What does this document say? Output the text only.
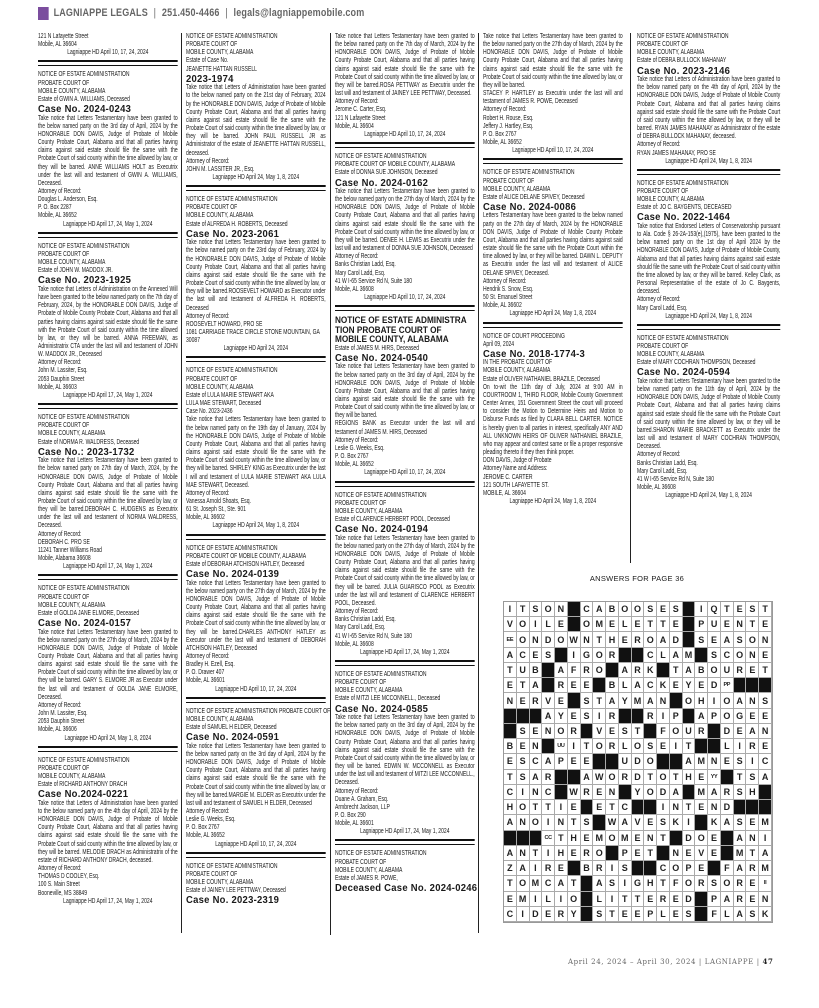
LAGNIAPPE LEGALS | 251.450-4466 | legals@lagniappemobile.com
121 N Lafayette Street
Mobile, AL 36604
Lagniappe HD April 10, 17, 24, 2024
NOTICE OF ESTATE ADMINISTRATION
PROBATE COURT OF
MOBILE COUNTY, ALABAMA
Estate of GWIN A. WILLIAMS, Deceased
Case No. 2024-0243
Take notice that Letters Testamentary have been granted to the below named party on the 3rd day of April, 2024 by the HONORABLE DON DAVIS, Judge of Probate of Mobile County Probate Court, Alabama and that all parties having claims against said estate should file the same with the Probate Court of said county within the time allowed by law, or they will be barred. ANNE WILLIAMS HOLT as Executrix under the last will and testament of GWIN A. WILLIAMS, Deceased.
Attorney of Record:
Douglas L. Anderson, Esq.
P. O. Box 2287
Mobile, AL 36652
Lagniappe HD April 17, 24, May 1, 2024
NOTICE OF ESTATE ADMINISTRATION
PROBATE COURT OF
MOBILE COUNTY, ALABAMA
Estate of JOHN W. MADDOX JR.
Case No. 2023-1925
Take notice that Letters of Administration on the Annexed Will have been granted to the below named party on the 7th day of February, 2024, by the HONORABLE DON DAVIS, Judge of Probate of Mobile County Probate Court, Alabama and that all parties having claims against said estate should file the same with the Probate Court of said county within the time allowed by law, or they will be barred. ANNA FREEMAN, as Administratrix CTA under the last will and testament of JOHN W. MADDOX JR., Deceased
Attorney of Record:
John M. Lassiter, Esq.
2053 Dauphin Street
Mobile, AL 36603
Lagniappe HD April 17, 24, May 1, 2024
NOTICE OF ESTATE ADMINISTRATION
PROBATE COURT OF
MOBILE COUNTY, ALABAMA
Estate of NORMA R. WALDRESS, Deceased
Case No.: 2023-1732
Take notice that Letters Testamentary have been granted to the below named party on 27th day of March, 2024, by the HONORABLE DON DAVIS, Judge of Probate of Mobile County Probate Court, Alabama and that all parties having claims against said estate should file the same with the Probate Court of said county within the time allowed by law, or they will be barred.DEBORAH C. HUDGENS as Executrix under the last will and testament of NORMA WALDRESS, Deceased.
Attorney of Record:
DEBORAH C. PRO SE
11241 Tanner Williams Road
Mobile, Alabama 36608
Lagniappe HD April 17, 24, May 1, 2024
NOTICE OF ESTATE ADMINISTRATION
PROBATE COURT OF
MOBILE COUNTY, ALABAMA
Estate of GOLDA JANE ELMORE, Deceased
Case No. 2024-0157
Take notice that Letters Testamentary have been granted to the below named party on the 27th day of March, 2024 by the HONORABLE DON DAVIS, Judge of Probate of Mobile County Probate Court, Alabama and that all parties having claims against said estate should file the same with the Probate Court of said county within the time allowed by law, or they will be barred. GARY S. ELMORE JR as Executor under the last will and testament of GOLDA JANE ELMORE, Deceased.
Attorney of Record:
John M. Lassiter, Esq.
2053 Dauphin Street
Mobile, AL 36606
Lagniappe HD April 24, May 1, 8, 2024
NOTICE OF ESTATE ADMINISTRATION
PROBATE COURT OF
MOBILE COUNTY, ALABAMA
Estate of RICHARD ANTHONY DRACH
Case No.2024-0221
Take notice that Letters of Administration have been granted to the below named party on the 4th day of April, 2024 by the HONORABLE DON DAVIS, Judge of Probate of Mobile County Probate Court, Alabama and that all parties having claims against said estate should file the same with the Probate Court of said county within the time allowed by law, or they will be barred. MELODIE DRACH as Administratrix of the estate of RICHARD ANTHONY DRACH, deceased.
Attorney of Record:
THOMAS D COOLEY, Esq.
100 S. Main Street
Booneville, MS 38849
Lagniappe HD April 17, 24, May 1, 2024
NOTICE OF ESTATE ADMINISTRATION
PROBATE COURT OF
MOBILE COUNTY, ALABAMA
Estate of Case No.
JEANETTE HATTAN RUSSELL
2023-1974
Take notice that Letters of Administration have been granted to the below named party on the 21st day of February, 2024 by the HONORABLE DON DAVIS, Judge of Probate of Mobile County Probate Court, Alabama and that all parties having claims against said estate should file the same with the Probate Court of said county within the time allowed by law, or they will be barred. JOHN PAUL RUSSELL JR as Administrator of the estate of JEANETTE HATTAN RUSSELL, deceased.
Attorney of Record:
JOHN M. LASSITER JR., Esq.
Lagniappe HD April 24, May 1, 8, 2024
NOTICE OF ESTATE ADMINISTRATION
PROBATE COURT OF
MOBILE COUNTY, ALABAMA
Estate of ALFREDA H. ROBERTS, Deceased
Case No. 2023-2061
Take notice that Letters Testamentary have been granted to the below named party on the 23rd day of February, 2024 by the HONORABLE DON DAVIS, Judge of Probate of Mobile County Probate Court, Alabama and that all parties having claims against said estate should file the same with the Probate Court of said county within the time allowed by law, or they will be barred.ROOSEVELT HOWARD as Executor under the last will and testament of ALFREDA H. ROBERTS, Deceased
Attorney of Record:
ROOSEVELT HOWARD, PRO SE
1081 CARRIAGE TRACE CIRCLE STONE MOUNTAIN, GA
30087
Lagniappe HD April 24, 2024
NOTICE OF ESTATE ADMINISTRATION
PROBATE COURT OF
MOBILE COUNTY, ALABAMA
Estate of LULA MARIE STEWART AKA
LULA MAE STEWART, Deceased
Case No. 2023-2436
Take notice that Letters Testamentary have been granted to the below named party on the 19th day of January, 2024 by the HONORABLE DON DAVIS, Judge of Probate of Mobile County Probate Court, Alabama and that all parties having claims against said estate should file the same with the Probate Court of said county within the time allowed by law, or they will be barred. SHIRLEY KING as Executrix under the last I will and testament of LULA MARIE STEWART AKA LULA MAE STEWART, Deceased.
Attorney of Record:
Vanessa Arnold Shoats, Esq.
61 St. Joseph St., Ste. 901
Mobile, AL 36602
Lagniappe HD April 24, May 1, 8, 2024
NOTICE OF ESTATE ADMINISTRATION
PROBATE COURT OF MOBILE COUNTY, ALABAMA
Estate of DEBORAH ATCHISON HATLEY, Deceased
Case No. 2024-0139
Take notice that Letters Testamentary have been granted to the below named party on the 27th day of March, 2024 by the HONORABLE DON DAVIS, Judge of Probate of Mobile County Probate Court, Alabama and that all parties having claims against said estate should file the same with the Probate Court of said county within the time allowed by law, or they will be barred.CHARLES ANTHONY HATLEY as Executor under the last will and testament of DEBORAH ATCHISON HATLEY, Deceased
Attorney of Record:
Bradley H. Ezell, Esq.
P. O. Drawer 407
Mobile, AL 36601
Lagniappe HD April 10, 17, 24, 2024
NOTICE OF ESTATE ADMINISTRATION PROBATE COURT OF
MOBILE COUNTY, ALABAMA
Estate of SAMUEL H ELDER, Deceased
Case No. 2024-0591
Take notice that Letters Testamentary have been granted to the below named party on the 3rd day of April, 2024 by the HONORABLE DON DAVIS, Judge of Probate of Mobile County Probate Court, Alabama and that all parties having claims against said estate should file the same with the Probate Court of said county within the time allowed by law, or they will be barred.MARGIE M. ELDER as Executrix under the last will and testament of SAMUEL H ELDER, Deceased
Attorney of Record:
Leslie G. Weeks, Esq.
P. O. Box 2767
Mobile, AL 36652
Lagniappe HD April 10, 17, 24, 2024
NOTICE OF ESTATE ADMINISTRATION
PROBATE COURT OF
MOBILE COUNTY, ALABAMA
Estate of JAINEY LEE PETTWAY, Deceased
Case No. 2023-2319
Take notice that Letters Testamentary have been granted to the below named party on the 7th day of March, 2024 by the HONORABLE DON DAVIS, Judge of Probate of Mobile County Probate Court, Alabama and that all parties having claims against said estate should file the same with the Probate Court of said county within the time allowed by law, or they will be barred.ROSA PETTWAY as Executrix under the last will and testament of JAINEY LEE PETTWAY, Deceased.
Attorney of Record:
Jerome C. Carter, Esq.
121 N Lafayette Street
Mobile, AL 36604
Lagniappe HD April 10, 17, 24, 2024
NOTICE OF ESTATE ADMINISTRATION
PROBATE COURT OF MOBILE COUNTY, ALABAMA
Estate of DONNA SUE JOHNSON, Deceased
Case No. 2024-0162
Take notice that Letters Testamentary have been granted to the below named party on the 27th day of March, 2024 by the HONORABLE DON DAVIS, Judge of Probate of Mobile County Probate Court, Alabama and that all parties having claims against said estate should file the same with the Probate Court of said county within the time allowed by law, or they will be barred. DENEE H. LEWIS as Executrix under the last will and testament of DONNA SUE JOHNSON, Deceased
Attorney of Record:
Banks Christian Ladd, Esq.
Mary Carol Ladd, Esq.
41 W I-65 Service Rd N, Suite 180
Mobile, AL 36608
Lagniappe HD April 10, 17, 24, 2024
NOTICE OF ESTATE ADMINISTRA TION PROBATE COURT OF MOBILE COUNTY, ALABAMA
Estate of JAMES M. HIRS, Deceased
Case No. 2024-0540
Take notice that Letters Testamentary have been granted to the below named party on the 3rd day of April, 2024 by the HONORABLE DON DAVIS, Judge of Probate of Mobile County Probate Court, Alabama and that all parties having claims against said estate should file the same with the Probate Court of said county within the time allowed by law, or they will be barred.
REGIONS BANK as Executor under the last will and testament of JAMES M. HIRS, Deceased
Attorney of Record:
Leslie G. Weeks, Esq.
P. O. Box 2767
Mobile, AL 36652
Lagniappe HD April 10, 17, 24, 2024
NOTICE OF ESTATE ADMINISTRATION
PROBATE COURT OF
MOBILE COUNTY, ALABAMA
Estate of CLARENCE HERBERT POOL, Deceased
Case No. 2024-0194
Take notice that Letters Testamentary have been granted to the below named party on the 27th day of March, 2024 by the HONORABLE DON DAVIS, Judge of Probate of Mobile County Probate Court, Alabama and that all parties having claims against said estate should file the same with the Probate Court of said county within the time allowed by law, or they will be barred. JULIA GUARISCO POOL as Executrix under the last will and testament of CLARENCE HERBERT POOL, Deceased.
Attorney of Record:
Banks Christian Ladd, Esq.
Mary Carol Ladd, Esq.
41 W I-65 Service Rd N, Suite 180
Mobile, AL 36608
Lagniappe HD April 17, 24, May 1, 2024
NOTICE OF ESTATE ADMINISTRATION
PROBATE COURT OF
MOBILE COUNTY, ALABAMA
Estate of MITZI LEE MCCONNELL., Deceased
Case No. 2024-0585
Take notice that Letters Testamentary have been granted to the below named party on the 3rd day of April, 2024 by the HONORABLE DON DAVIS, Judge of Probate of Mobile County Probate Court, Alabama and that all parties having claims against said estate should file the same with the Probate Court of said county within the time allowed by law, or they will be barred. EDWIN W. MCCONNELL as Executor under the last will and testament of MITZI LEE MCCONNELL., Deceased.
Attorney of Record:
Duane A. Graham, Esq.
Armbrecht Jackson, LLP
P. O. Box 290
Mobile, AL 36601
Lagniappe HD April 17, 24, May 1, 2024
NOTICE OF ESTATE ADMINISTRATION
PROBATE COURT OF
MOBILE COUNTY, ALABAMA
Estate of JAMES R. POWE,
Deceased Case No. 2024-0246
Take notice that Letters Testamentary have been granted to the below named party on the 27th day of March, 2024 by the HONORABLE DON DAVIS, Judge of Probate of Mobile County Probate Court, Alabama and that all parties having claims against said estate should file the same with the Probate Court of said county within the time allowed by law, or they will be barred.
STACEY P. HARTLEY as Executrix under the last will and testament of JAMES R. POWE, Deceased
Attorney of Record:
Robert H. Rouse, Esq.
Jeffery J. Hartley, Esq.
P. O. Box 2767
Mobile, AL 36652
Lagniappe HD April 10, 17, 24, 2024
NOTICE OF ESTATE ADMINISTRATION
PROBATE COURT OF
MOBILE COUNTY, ALABAMA
Estate of ALICE DELANE SPIVEY, Deceased
Case No. 2024-0086
Letters Testamentary have been granted to the below named party on the 27th day of March, 2024 by the HONORABLE DON DAVIS, Judge of Probate of Mobile County Probate Court, Alabama and that all parties having claims against said estate should file the same with the Probate Court within the time allowed by law, or they will be barred. DAWN L. DEPUTY as Executrix under the last will and testament of ALICE DELANE SPIVEY, Deceased.
Attorney of Record:
Hendrik S. Snow, Esq.
50 St. Emanuel Street
Mobile, AL 36602
Lagniappe HD April 24, May 1, 8, 2024
NOTICE OF COURT PROCEEDING
April 09, 2024
Case No. 2018-1774-3
IN THE PROBATE COURT OF
MOBILE COUNTY, ALABAMA
Estate of OLIVER NATHANIEL BRAZILE, Deceased
On to-wit the 11th day of July, 2024 at 9:00 AM in COURTROOM 1, THIRD FLOOR, Mobile County Government Center Annex, 151 Government Street the court will proceed to consider the Motion to Determine Heirs and Motion to Disburse Funds as filed by CLARA BELL CARTER. NOTICE is hereby given to all parties in interest, specifically ANY AND ALL UNKNOWN HEIRS OF OLIVER NATHANIEL BRAZILE, who may appear and contest same or file a proper responsive pleading thereto if they then think proper.
DON DAVIS, Judge of Probate
Attorney Name and Address:
JEROME C. CARTER
121 SOUTH LAFAYETTE ST.
MOBILE, AL 36604
Lagniappe HD April 24, May 1, 8, 2024
NOTICE OF ESTATE ADMINISTRATION
PROBATE COURT OF
MOBILE COUNTY, ALABAMA
Estate of DEBRA BULLOCK MAHANAY
Case No. 2023-2146
Take notice that Letters of Administration have been granted to the below named party on the 4th day of April, 2024 by the HONORABLE DON DAVIS, Judge of Probate of Mobile County Probate Court, Alabama and that all parties having claims against said estate should file the same with the Probate Court of said county within the time allowed by law, or they will be barred. RYAN JAMES MAHANAY as Administrator of the estate of DEBRA BULLOCK MAHANAY, deceased.
Attorney of Record:
RYAN JAMES MAHANAY, PRO SE
Lagniappe HD April 24, May 1, 8, 2024
NOTICE OF ESTATE ADMINISTRATION
PROBATE COURT OF
MOBILE COUNTY, ALABAMA
Estate of: JO C. BAYGENTS, DECEASED
Case No. 2022-1464
Take notice that Endorsed Letters of Conservatorship pursuant to Ala. Code § 26-2A-153(e),(1975), have been granted to the below named party on the 1st day of April 2024 by the HONORABLE DON DAVIS, Judge of Probate of Mobile County, Alabama and that all parties having claims against said estate should file the same with the Probate Court of said county within the time allowed by law, or they will be barred. Kelley Clark, as Personal Representative of the estate of Jo C. Baygents, deceased.
Attorney of Record:
Mary Carol Ladd, Esq.
Lagniappe HD April 24, May 1, 8, 2024
NOTICE OF ESTATE ADMINISTRATION
PROBATE COURT OF
MOBILE COUNTY, ALABAMA
Estate of MARY COCHRAN THOMPSON, Deceased
Case No. 2024-0594
Take notice that Letters Testamentary have been granted to the below named party on the 11th day of April, 2024 by the HONORABLE DON DAVIS, Judge of Probate of Mobile County Probate Court, Alabama and that all parties having claims against said estate should file the same with the Probate Court of said county within the time allowed by law, or they will be barred.SHARON MARIE BRACKETT as Executrix under the last will and testament of MARY COCHRAN THOMPSON, Deceased.
Attorney of Record:
Banks Christian Ladd, Esq.
Mary Carol Ladd, Esq.
41 W I-65 Service Rd N, Suite 180
Mobile, AL 36608
Lagniappe HD April 24, May 1, 8, 2024
ANSWERS FOR PAGE 36
I T S O N	C A B O O S E S	I Q T E S T
V O I L E	O M E L E T T E	P U E N T E
EE O N D O W N T H E R O A D	S E A S O N
A C E S	I G O R	C L A M	S C O N E
T U B	A F R O	A R K	T A B O U R E T
E T A	R E E	B L A C K E Y E D	PP
N E R V E	S T A Y M A N	O H I O A N S
A Y E S I R	R I P	A P O G E E
S E N O R	V E S T	F O U R	D E A N
B E N	UU I T O R L O S E I T	L I R E
E S C A P E E	U D O	A M N E S I C
T S A R	A W O R D T O T H E	YY	T S A
C I N C	W R E N	Y O D A	M A R S H
H O T T I E	E T C	I N T E N D
A N O I N T S	W A V E S K I	K A S E M
CC T H E M O M E N T	D O E	A N I
A N T I H E R O	P E T	N E V E	M T A
Z A I R E	B R I S	C O P E	F A R M
T O M C A T	A S I G H T F O R S O R E	II
E M I L I O	L I T T E R E D	P A R E N
C I D E R Y	S T E E P L E S	F L A S K
April 24, 2024 – April 30, 2024 | LAGNIAPPE | 47
